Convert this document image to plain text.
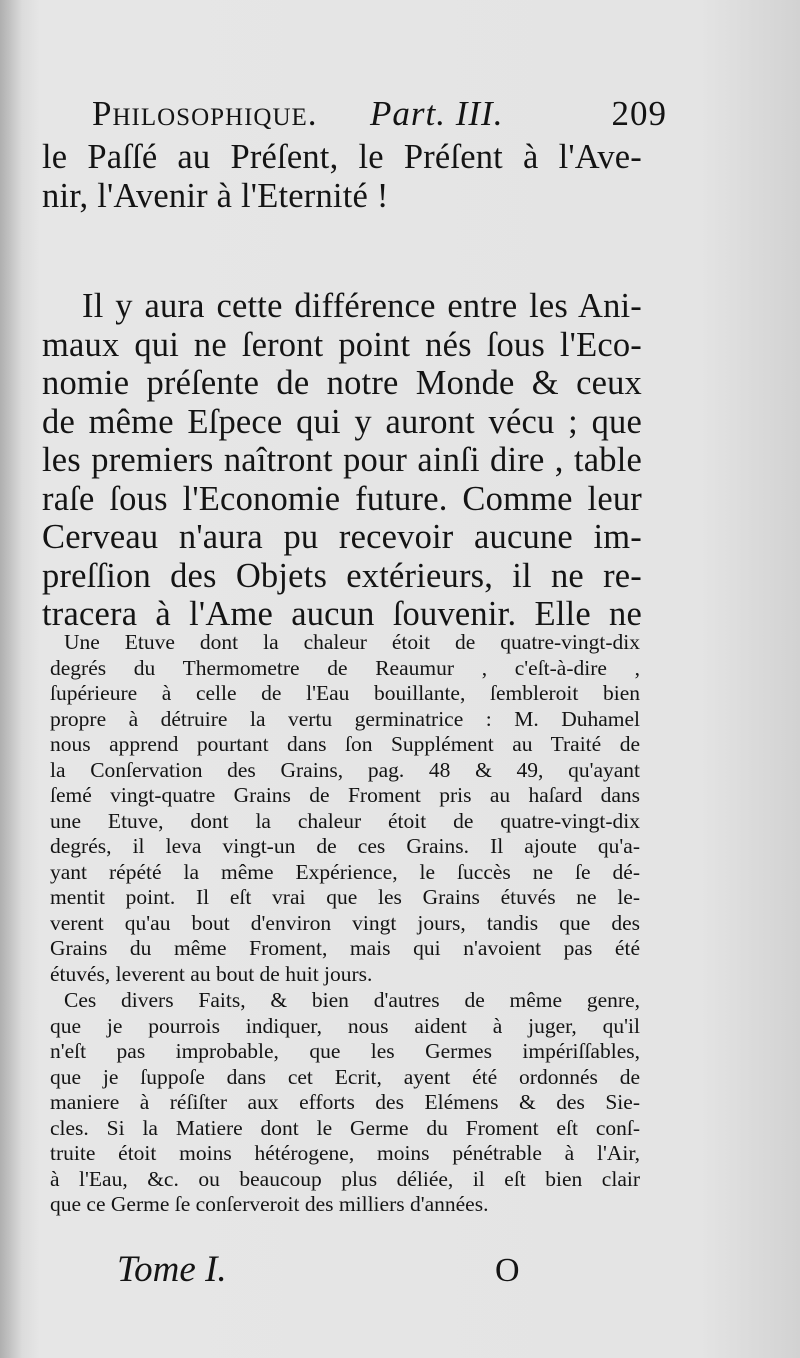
Philosophique. Part. III.	209
le Paſſé au Préſent, le Préſent à l'Ave-
nir, l'Avenir à l'Eternité !
Il y aura cette différence entre les Ani-
maux qui ne ſeront point nés ſous l'Eco-
nomie préſente de notre Monde & ceux
de même Eſpece qui y auront vécu ; que
les premiers naîtront pour ainſi dire , table
raſe ſous l'Economie future. Comme leur
Cerveau n'aura pu recevoir aucune im-
preſſion des Objets extérieurs, il ne re-
tracera à l'Ame aucun ſouvenir. Elle ne
Une Etuve dont la chaleur étoit de quatre-vingt-dix
degrés du Thermometre de Reaumur , c'eſt-à-dire ,
ſupérieure à celle de l'Eau bouillante, ſembleroit bien
propre à détruire la vertu germinatrice : M. Duhamel
nous apprend pourtant dans ſon Supplément au Traité de
la Conſervation des Grains, pag. 48 & 49, qu'ayant
ſemé vingt-quatre Grains de Froment pris au haſard dans
une Etuve, dont la chaleur étoit de quatre-vingt-dix
degrés, il leva vingt-un de ces Grains. Il ajoute qu'a-
yant répété la même Expérience, le ſuccès ne ſe dé-
mentit point. Il eſt vrai que les Grains étuvés ne le-
verent qu'au bout d'environ vingt jours, tandis que des
Grains du même Froment, mais qui n'avoient pas été
étuvés, leverent au bout de huit jours.
Ces divers Faits, & bien d'autres de même genre,
que je pourrois indiquer, nous aident à juger, qu'il
n'eſt pas improbable, que les Germes impériſſables,
que je ſuppoſe dans cet Ecrit, ayent été ordonnés de
maniere à réſiſter aux efforts des Elémens & des Sie-
cles. Si la Matiere dont le Germe du Froment eſt conſ-
truite étoit moins hétérogene, moins pénétrable à l'Air,
à l'Eau, &c. ou beaucoup plus déliée, il eſt bien clair
que ce Germe ſe conſerveroit des milliers d'années.
Tome I.	O
